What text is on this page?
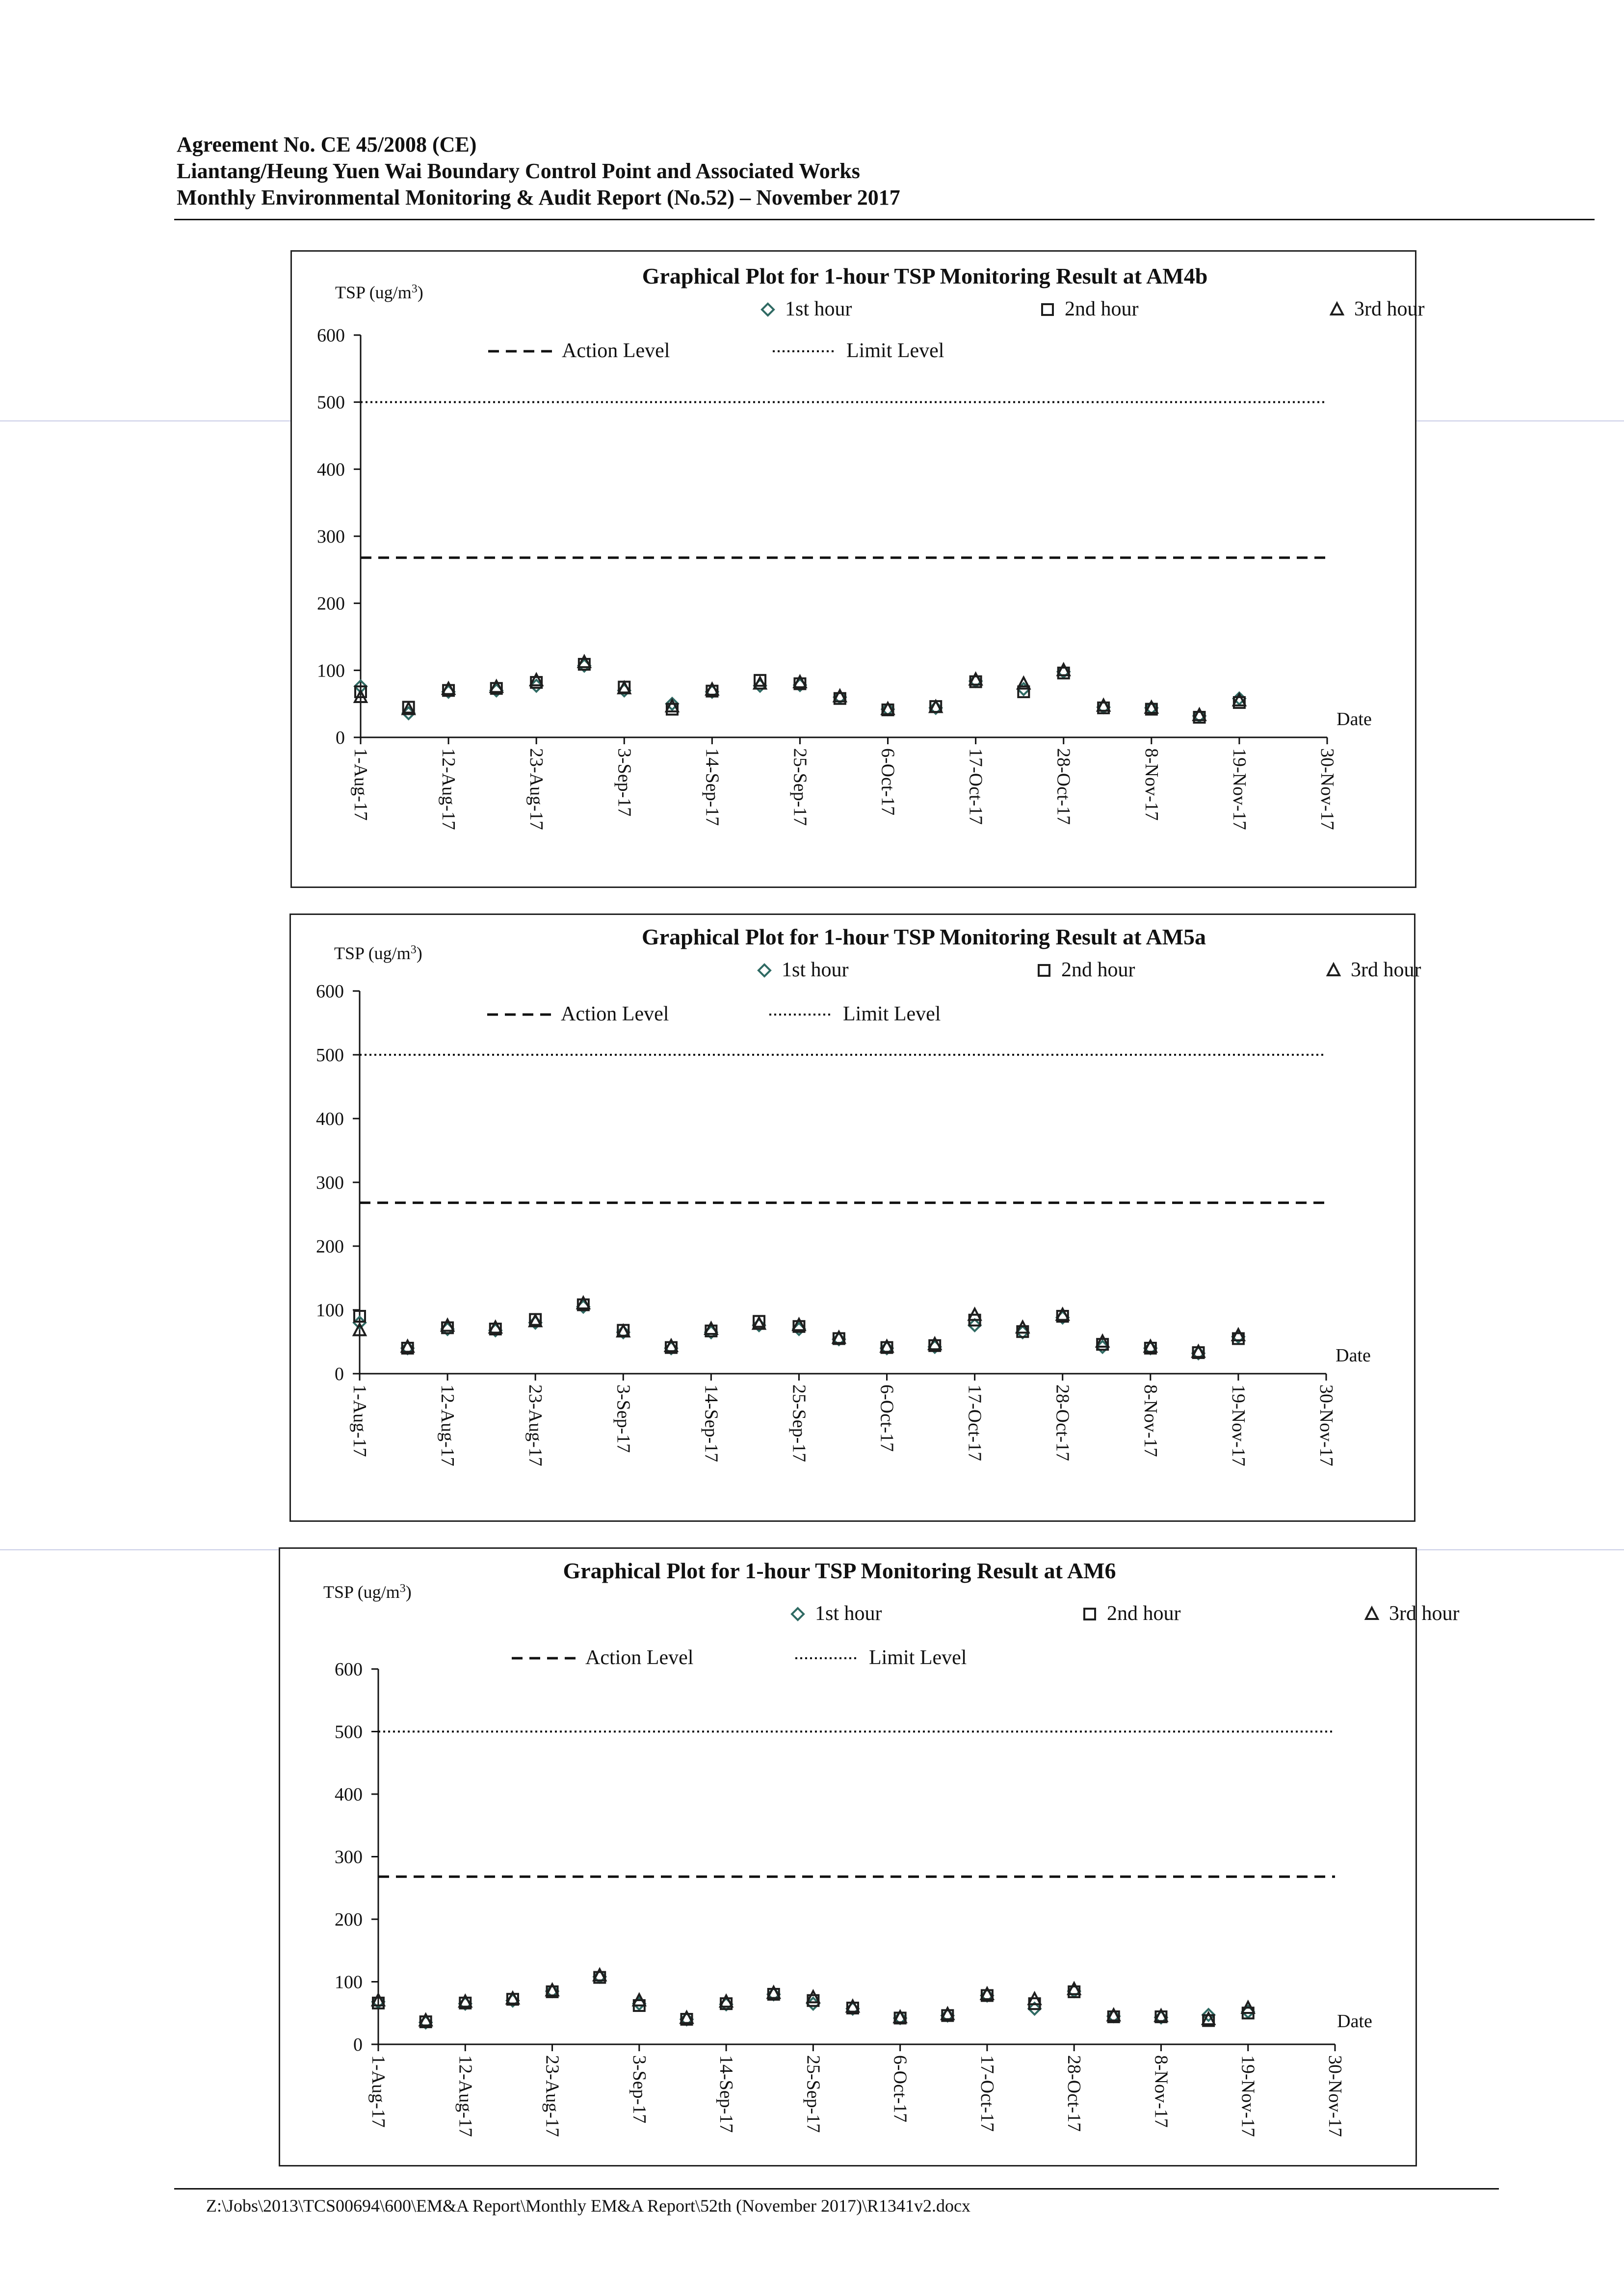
Agreement No. CE 45/2008 (CE)
Liantang/Heung Yuen Wai Boundary Control Point and Associated Works
Monthly Environmental Monitoring & Audit Report (No.52) – November 2017
Graphical Plot for 1-hour TSP Monitoring Result at AM4b
TSP $(ug/m^3)$
Date
0
100
200
300
400
500
600
1-Aug-17	12-Aug-17	23-Aug-17	3-Sep-17	14-Sep-17	25-Sep-17	6-Oct-17	17-Oct-17	28-Oct-17	8-Nov-17	19-Nov-17	30-Nov-17
1st hour	2nd hour	3rd hour
Action Level	Limit Level
Graphical Plot for 1-hour TSP Monitoring Result at AM5a
TSP $(ug/m^3)$
Date
0
100
200
300
400
500
600
1-Aug-17	12-Aug-17	23-Aug-17	3-Sep-17	14-Sep-17	25-Sep-17	6-Oct-17	17-Oct-17	28-Oct-17	8-Nov-17	19-Nov-17	30-Nov-17
1st hour	2nd hour	3rd hour
Action Level	Limit Level
Graphical Plot for 1-hour TSP Monitoring Result at AM6
TSP $(ug/m^3)$
Date
0
100
200
300
400
500
600
1-Aug-17	12-Aug-17	23-Aug-17	3-Sep-17	14-Sep-17	25-Sep-17	6-Oct-17	17-Oct-17	28-Oct-17	8-Nov-17	19-Nov-17	30-Nov-17
1st hour	2nd hour	3rd hour
Action Level	Limit Level
Z:\Jobs\2013\TCS00694\600\EM&A Report\Monthly EM&A Report\52th (November 2017)\R1341v2.docx
